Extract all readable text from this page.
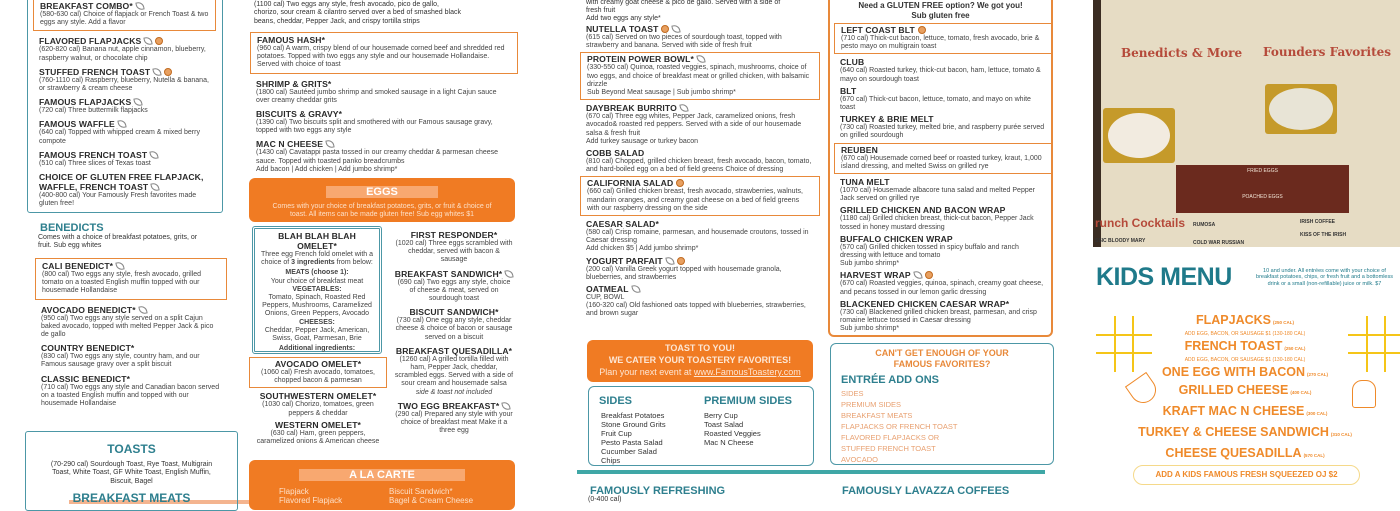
BREAKFAST COMBO*
(580-630 cal) Choice of flapjack or French Toast & two eggs any style. Add a flavor
FLAVORED FLAPJACKS
(620-820 cal) Banana nut, apple cinnamon, blueberry, raspberry walnut, or chocolate chip
STUFFED FRENCH TOAST
(760-1110 cal) Raspberry, blueberry, Nutella & banana, or strawberry & cream cheese
FAMOUS FLAPJACKS
(720 cal) Three buttermilk flapjacks
FAMOUS WAFFLE
(640 cal) Topped with whipped cream & mixed berry compote
FAMOUS FRENCH TOAST
(510 cal) Three slices of Texas toast
CHOICE OF GLUTEN FREE FLAPJACK, WAFFLE, FRENCH TOAST
(400-800 cal) Your Famously Fresh favorites made gluten free!
BENEDICTS
Comes with a choice of breakfast potatoes, grits, or fruit. Sub egg whites
CALI BENEDICT*
(800 cal) Two eggs any style, fresh avocado, grilled tomato on a toasted English muffin topped with our housemade Hollandaise
AVOCADO BENEDICT*
(950 cal) Two eggs any style served on a split Cajun baked avocado, topped with melted Pepper Jack & pico de gallo
COUNTRY BENEDICT*
(830 cal) Two eggs any style, country ham, and our Famous sausage gravy over a split biscuit
CLASSIC BENEDICT*
(710 cal) Two eggs any style and Canadian bacon served on a toasted English muffin and topped with our housemade Hollandaise
TOASTS
(70-290 cal) Sourdough Toast, Rye Toast, Multigrain Toast, White Toast, GF White Toast, English Muffin, Biscuit, Bagel
BREAKFAST MEATS
(1100 cal) Two eggs any style, fresh avocado, pico de gallo, chorizo, sour cream & cilantro served over a bed of smashed black beans, cheddar, Pepper Jack, and crispy tortilla strips
FAMOUS HASH*
(960 cal) A warm, crispy blend of our housemade corned beef and shredded red potatoes. Topped with two eggs any style and our housemade Hollandaise. Served with choice of toast
SHRIMP & GRITS*
(1800 cal) Sautéed jumbo shrimp and smoked sausage in a light Cajun sauce over creamy cheddar grits
BISCUITS & GRAVY*
(1390 cal) Two biscuits split and smothered with our Famous sausage gravy, topped with two eggs any style
MAC N CHEESE
(1430 cal) Cavatappi pasta tossed in our creamy cheddar & parmesan cheese sauce. Topped with toasted panko breadcrumbs
Add bacon | Add chicken | Add jumbo shrimp*
EGGS
Comes with your choice of breakfast potatoes, grits, or fruit & choice of toast. All items can be made gluten free! Sub egg whites $1
BLAH BLAH BLAH OMELET*
Three egg French fold omelet with a choice of 3 ingredients from below:
MEATS (choose 1):
Your choice of breakfast meat
VEGETABLES:
Tomato, Spinach, Roasted Red Peppers, Mushrooms, Caramelized Onions, Green Peppers, Avocado
CHEESES:
Cheddar, Pepper Jack, American, Swiss, Goat, Parmesan, Brie
Additional ingredients:
AVOCADO OMELET*
(1060 cal) Fresh avocado, tomatoes, chopped bacon & parmesan
SOUTHWESTERN OMELET*
(1030 cal) Chorizo, tomatoes, green peppers & cheddar
WESTERN OMELET*
(630 cal) Ham, green peppers, caramelized onions & American cheese
FIRST RESPONDER*
(1020 cal) Three eggs scrambled with cheddar, served with bacon & sausage
BREAKFAST SANDWICH*
(690 cal) Two eggs any style, choice of cheese & meat, served on sourdough toast
BISCUIT SANDWICH*
(730 cal) One egg any style, cheddar cheese & choice of bacon or sausage served on a biscuit
BREAKFAST QUESADILLA*
(1260 cal) A grilled tortilla filled with ham, Pepper Jack, cheddar, scrambled eggs. Served with a side of sour cream and housemade salsa
side & toast not included
TWO EGG BREAKFAST*
(290 cal) Prepared any style with your choice of breakfast meat Make it a three egg
A LA CARTE
Flapjack
Flavored Flapjack
Biscuit Sandwich*
Bagel & Cream Cheese
with creamy goat cheese & pico de gallo. Served with a side of fresh fruit
Add two eggs any style*
NUTELLA TOAST
(615 cal) Served on two pieces of sourdough toast, topped with strawberry and banana. Served with side of fresh fruit
PROTEIN POWER BOWL*
(330-550 cal) Quinoa, roasted veggies, spinach, mushrooms, choice of two eggs, and choice of breakfast meat or grilled chicken, with balsamic drizzle
Sub Beyond Meat sausage | Sub jumbo shrimp*
DAYBREAK BURRITO
(670 cal) Three egg whites, Pepper Jack, caramelized onions, fresh avocado& roasted red peppers. Served with a side of our housemade salsa & fresh fruit
Add turkey sausage or turkey bacon
COBB SALAD
(810 cal) Chopped, grilled chicken breast, fresh avocado, bacon, tomato, and hard-boiled egg on a bed of field greens Choice of dressing
CALIFORNIA SALAD
(660 cal) Grilled chicken breast, fresh avocado, strawberries, walnuts, mandarin oranges, and creamy goat cheese on a bed of field greens with our raspberry dressing on the side
CAESAR SALAD*
(580 cal) Crisp romaine, parmesan, and housemade croutons, tossed in Caesar dressing
Add chicken $5 | Add jumbo shrimp*
YOGURT PARFAIT
(200 cal) Vanilla Greek yogurt topped with housemade granola, blueberries, and strawberries
OATMEAL
CUP, BOWL
(160-320 cal) Old fashioned oats topped with blueberries, strawberries, and brown sugar
TOAST TO YOU!
WE CATER YOUR TOASTERY FAVORITES!
Plan your next event at www.FamousToastery.com
SIDES
Breakfast Potatoes
Stone Ground Grits
Fruit Cup
Pesto Pasta Salad
Cucumber Salad
Chips
PREMIUM SIDES
Berry Cup
Toast Salad
Roasted Veggies
Mac N Cheese
FAMOUSLY REFRESHING
(0-400 cal)
Need a GLUTEN FREE option? We got you!
Sub gluten free
LEFT COAST BLT
(710 cal) Thick-cut bacon, lettuce, tomato, fresh avocado, brie & pesto mayo on multigrain toast
CLUB
(640 cal) Roasted turkey, thick-cut bacon, ham, lettuce, tomato & mayo on sourdough toast
BLT
(670 cal) Thick-cut bacon, lettuce, tomato, and mayo on white toast
TURKEY & BRIE MELT
(730 cal) Roasted turkey, melted brie, and raspberry purée served on grilled sourdough
REUBEN
(670 cal) Housemade corned beef or roasted turkey, kraut, 1,000 island dressing, and melted Swiss on grilled rye
TUNA MELT
(1070 cal) Housemade albacore tuna salad and melted Pepper Jack served on grilled rye
GRILLED CHICKEN AND BACON WRAP
(1180 cal) Grilled chicken breast, thick-cut bacon, Pepper Jack tossed in honey mustard dressing
BUFFALO CHICKEN WRAP
(570 cal) Grilled chicken tossed in spicy buffalo and ranch dressing with lettuce and tomato
Sub jumbo shrimp*
HARVEST WRAP
(670 cal) Roasted veggies, quinoa, spinach, creamy goat cheese, and pecans tossed in our lemon garlic dressing
BLACKENED CHICKEN CAESAR WRAP*
(730 cal) Blackened grilled chicken breast, parmesan, and crisp romaine lettuce tossed in Caesar dressing
Sub jumbo shrimp*
CAN'T GET ENOUGH OF YOUR FAMOUS FAVORITES?
ENTRÉE ADD ONS
SIDES
PREMIUM SIDES
BREAKFAST MEATS
FLAPJACKS OR FRENCH TOAST
FLAVORED FLAPJACKS OR
STUFFED FRENCH TOAST
AVOCADO
FAMOUSLY LAVAZZA COFFEES
Benedicts & More Founders Favorites
FRIED EGGS
POACHED EGGS
runch Cocktails RUMOSA
COLD WAR RUSSIAN
IRISH COFFEE
KISS OF THE IRISH
SSIC BLOODY MARY
KIDS MENU	10 and under. All entrées come with your choice of breakfast potatoes, chips, or fresh fruit and a bottomless drink or a small (non-refillable) juice or milk. $7
FLAPJACKS (250 CAL)
ADD EGG, BACON, OR SAUSAGE $1 (130-180 CAL)
FRENCH TOAST (250 CAL)
ADD EGG, BACON, OR SAUSAGE $1 (130-180 CAL)
ONE EGG WITH BACON (270 CAL)
GRILLED CHEESE (400 CAL)
KRAFT MAC N CHEESE (300 CAL)
TURKEY & CHEESE SANDWICH (310 CAL)
CHEESE QUESADILLA (570 CAL)
ADD A KIDS FAMOUS FRESH SQUEEZED OJ $2
